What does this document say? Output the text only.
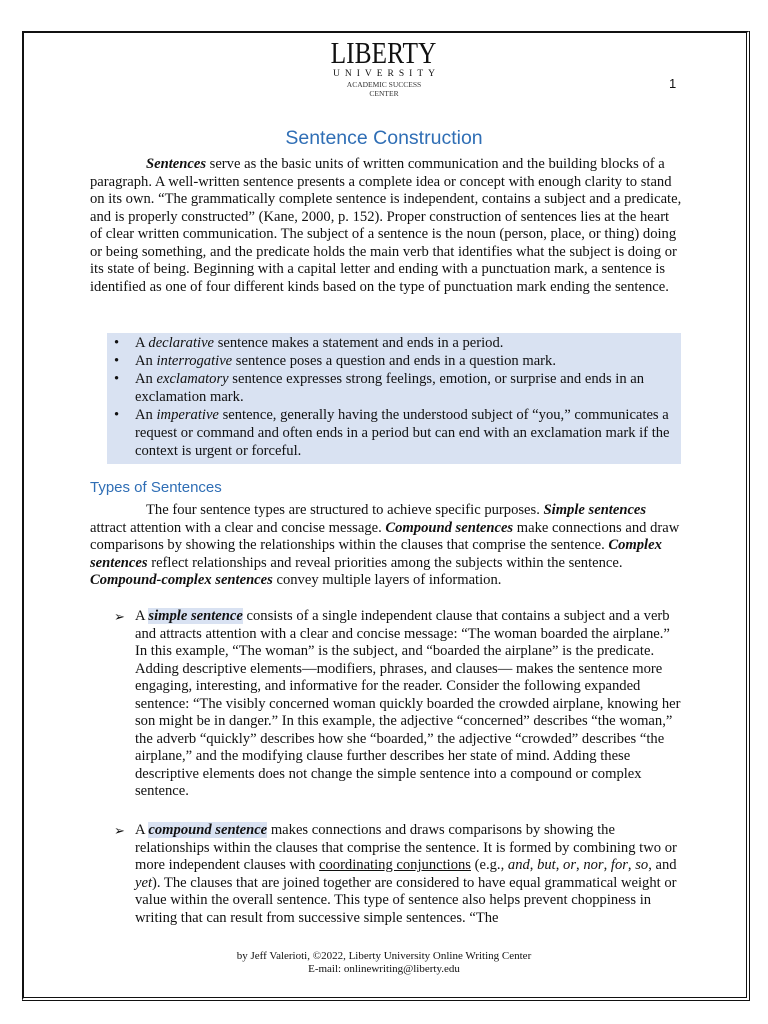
LIBERTY
UNIVERSITY
ACADEMIC SUCCESS
CENTER
1
Sentence Construction
Sentences serve as the basic units of written communication and the building blocks of a paragraph. A well-written sentence presents a complete idea or concept with enough clarity to stand on its own. “The grammatically complete sentence is independent, contains a subject and a predicate, and is properly constructed” (Kane, 2000, p. 152). Proper construction of sentences lies at the heart of clear written communication. The subject of a sentence is the noun (person, place, or thing) doing or being something, and the predicate holds the main verb that identifies what the subject is doing or its state of being. Beginning with a capital letter and ending with a punctuation mark, a sentence is identified as one of four different kinds based on the type of punctuation mark ending the sentence.
• A declarative sentence makes a statement and ends in a period.
• An interrogative sentence poses a question and ends in a question mark.
• An exclamatory sentence expresses strong feelings, emotion, or surprise and ends in an exclamation mark.
• An imperative sentence, generally having the understood subject of “you,” communicates a request or command and often ends in a period but can end with an exclamation mark if the context is urgent or forceful.
Types of Sentences
The four sentence types are structured to achieve specific purposes. Simple sentences attract attention with a clear and concise message. Compound sentences make connections and draw comparisons by showing the relationships within the clauses that comprise the sentence. Complex sentences reflect relationships and reveal priorities among the subjects within the sentence. Compound-complex sentences convey multiple layers of information.
➢ A simple sentence consists of a single independent clause that contains a subject and a verb and attracts attention with a clear and concise message: “The woman boarded the airplane.” In this example, “The woman” is the subject, and “boarded the airplane” is the predicate. Adding descriptive elements—modifiers, phrases, and clauses— makes the sentence more engaging, interesting, and informative for the reader. Consider the following expanded sentence: “The visibly concerned woman quickly boarded the crowded airplane, knowing her son might be in danger.” In this example, the adjective “concerned” describes “the woman,” the adverb “quickly” describes how she “boarded,” the adjective “crowded” describes “the airplane,” and the modifying clause further describes her state of mind. Adding these descriptive elements does not change the simple sentence into a compound or complex sentence.
➢ A compound sentence makes connections and draws comparisons by showing the relationships within the clauses that comprise the sentence. It is formed by combining two or more independent clauses with coordinating conjunctions (e.g., and, but, or, nor, for, so, and yet). The clauses that are joined together are considered to have equal grammatical weight or value within the overall sentence. This type of sentence also helps prevent choppiness in writing that can result from successive simple sentences. “The
by Jeff Valerioti, ©2022, Liberty University Online Writing Center
E-mail: onlinewriting@liberty.edu
